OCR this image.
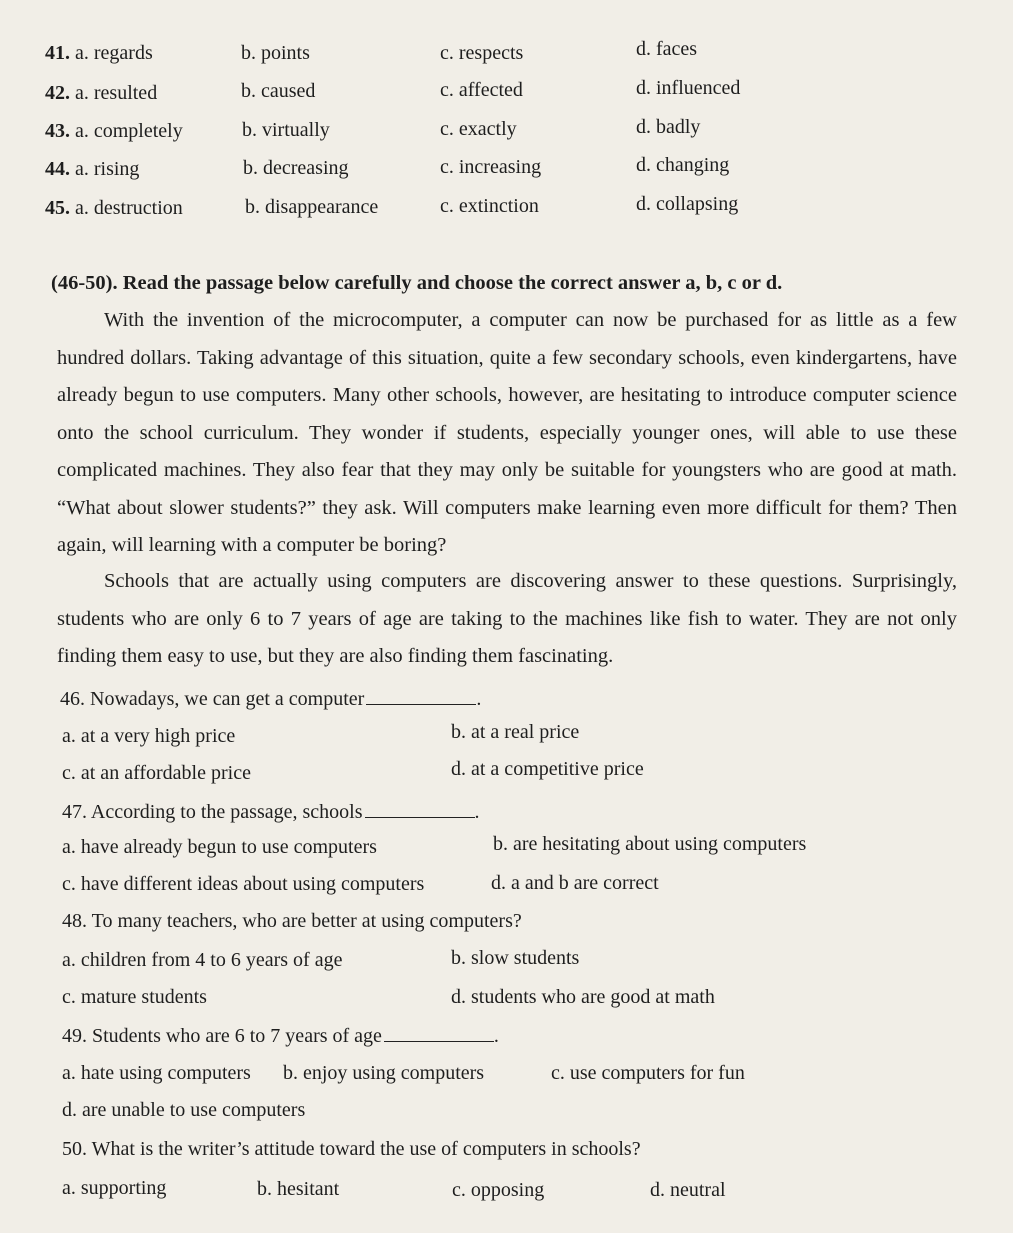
41. a. regards	b. points	c. respects	d. faces
42. a. resulted	b. caused	c. affected	d. influenced
43. a. completely	b. virtually	c. exactly	d. badly
44. a. rising	b. decreasing	c. increasing	d. changing
45. a. destruction	b. disappearance	c. extinction	d. collapsing
(46-50). Read the passage below carefully and choose the correct answer a, b, c or d.
With the invention of the microcomputer, a computer can now be purchased for as little as a few hundred dollars. Taking advantage of this situation, quite a few secondary schools, even kindergartens, have already begun to use computers. Many other schools, however, are hesitating to introduce computer science onto the school curriculum. They wonder if students, especially younger ones, will able to use these complicated machines. They also fear that they may only be suitable for youngsters who are good at math. “What about slower students?” they ask. Will computers make learning even more difficult for them? Then again, will learning with a computer be boring?
Schools that are actually using computers are discovering answer to these questions. Surprisingly, students who are only 6 to 7 years of age are taking to the machines like fish to water. They are not only finding them easy to use, but they are also finding them fascinating.
46. Nowadays, we can get a computer	.
a. at a very high price	b. at a real price
c. at an affordable price	d. at a competitive price
47. According to the passage, schools	.
a. have already begun to use computers	b. are hesitating about using computers
c. have different ideas about using computers	d. a and b are correct
48. To many teachers, who are better at using computers?
a. children from 4 to 6 years of age	b. slow students
c. mature students	d. students who are good at math
49. Students who are 6 to 7 years of age	.
a. hate using computers b. enjoy using computers	c. use computers for fun
d. are unable to use computers
50. What is the writer’s attitude toward the use of computers in schools?
a. supporting	b. hesitant	c. opposing	d. neutral
